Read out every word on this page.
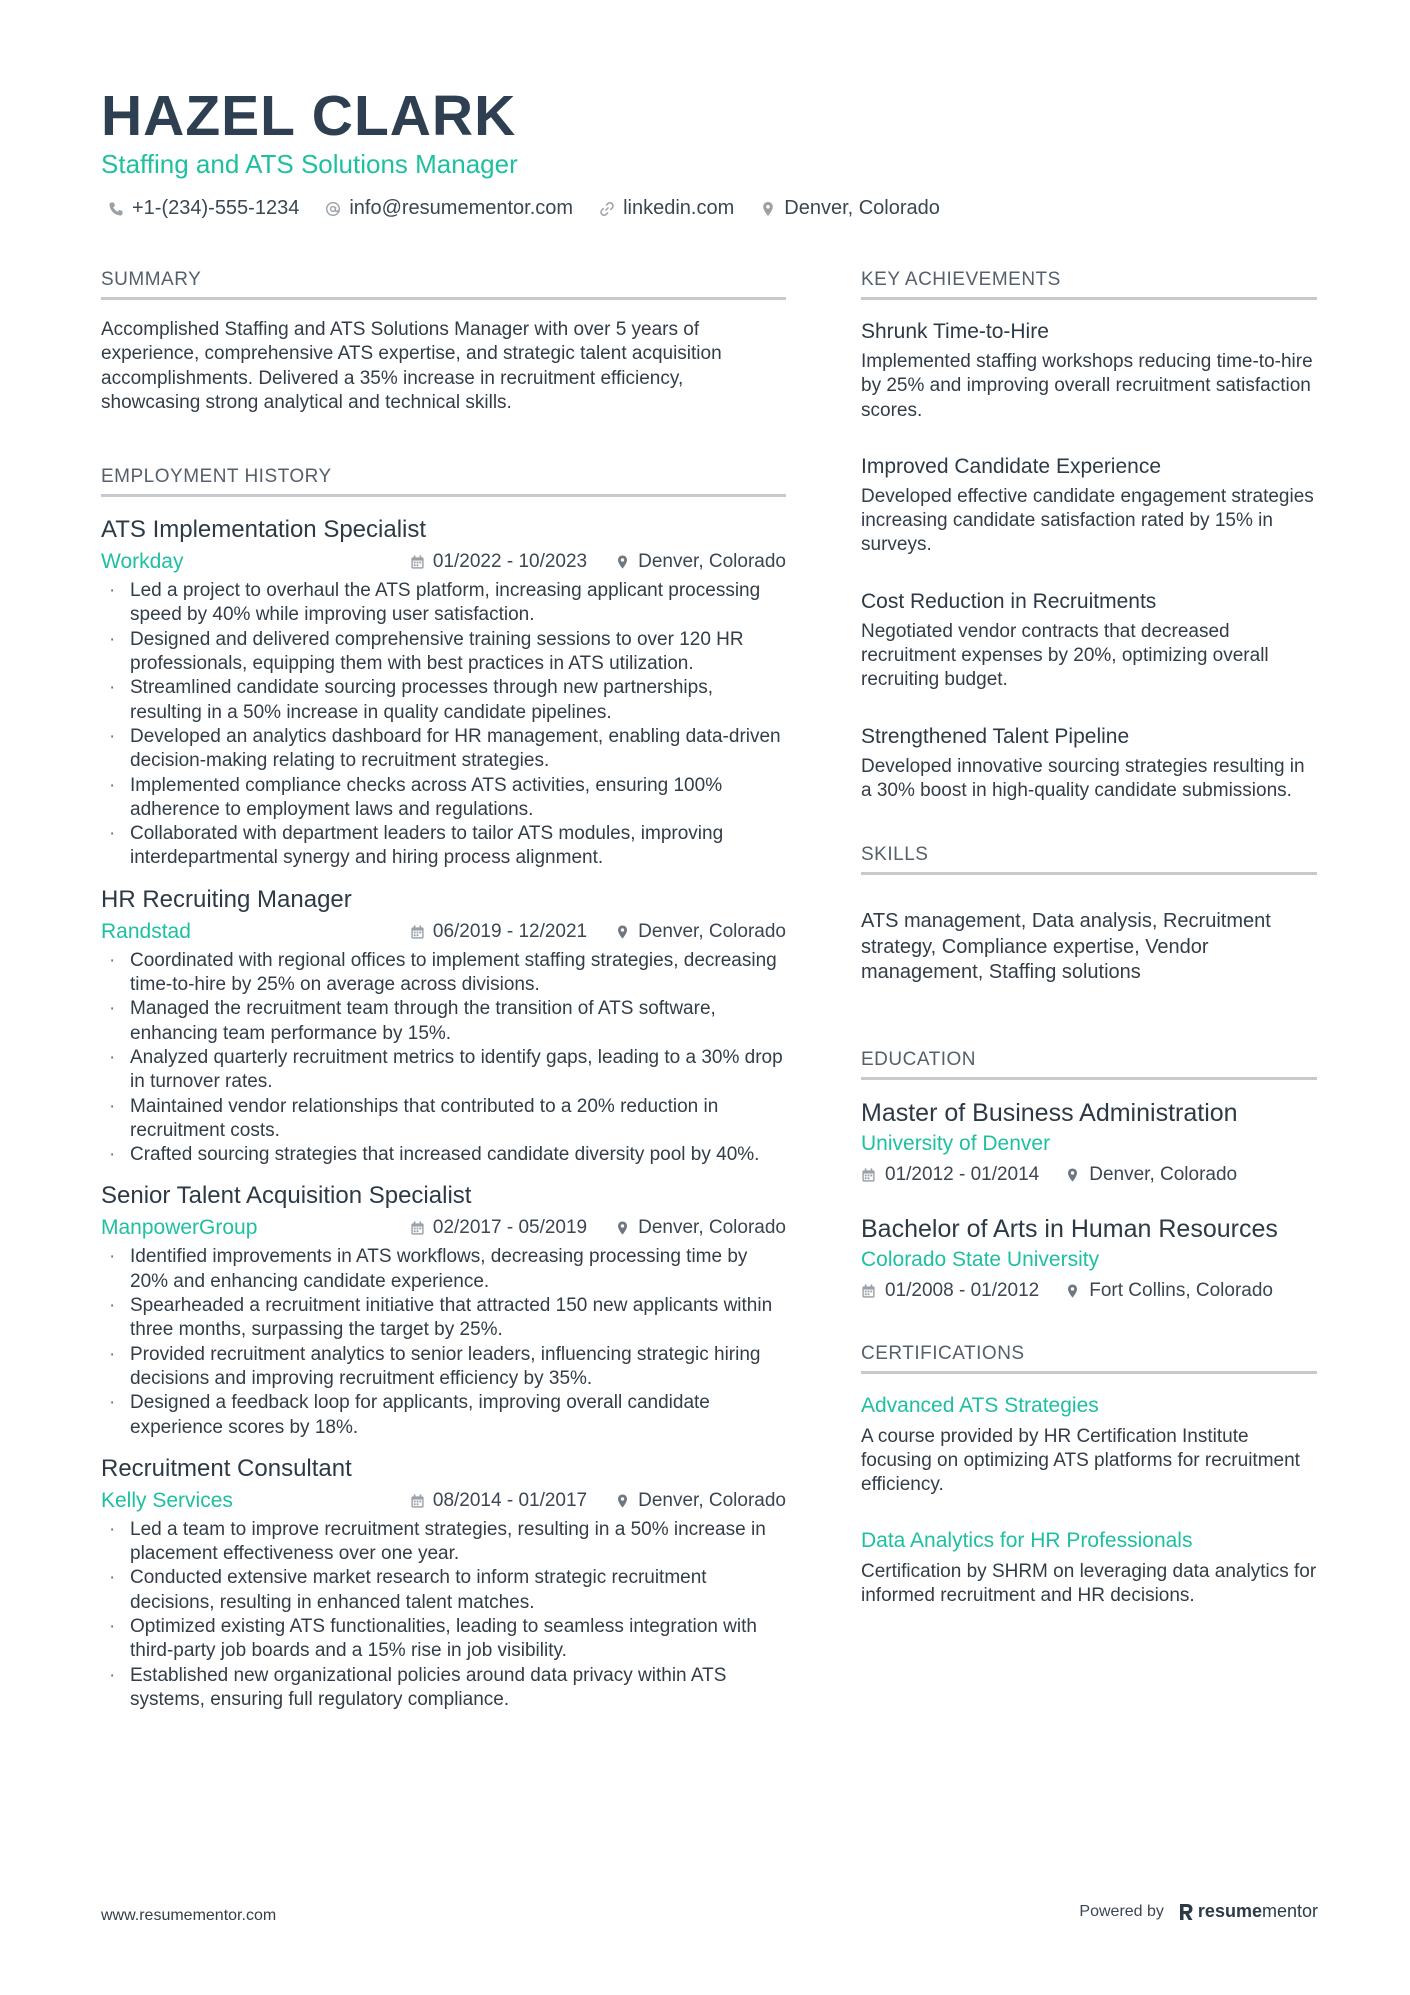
HAZEL CLARK
Staffing and ATS Solutions Manager
+1-(234)-555-1234	info@resumementor.com	linkedin.com	Denver, Colorado
SUMMARY

Accomplished Staffing and ATS Solutions Manager with over 5 years of experience, comprehensive ATS expertise, and strategic talent acquisition accomplishments. Delivered a 35% increase in recruitment efficiency, showcasing strong analytical and technical skills.

EMPLOYMENT HISTORY
ATS Implementation Specialist
Workday	01/2022 - 10/2023	Denver, Colorado
· Led a project to overhaul the ATS platform, increasing applicant processing speed by 40% while improving user satisfaction.
· Designed and delivered comprehensive training sessions to over 120 HR professionals, equipping them with best practices in ATS utilization.
· Streamlined candidate sourcing processes through new partnerships, resulting in a 50% increase in quality candidate pipelines.
· Developed an analytics dashboard for HR management, enabling data-driven decision-making relating to recruitment strategies.
· Implemented compliance checks across ATS activities, ensuring 100% adherence to employment laws and regulations.
· Collaborated with department leaders to tailor ATS modules, improving interdepartmental synergy and hiring process alignment.
HR Recruiting Manager
Randstad	06/2019 - 12/2021	Denver, Colorado
· Coordinated with regional offices to implement staffing strategies, decreasing time-to-hire by 25% on average across divisions.
· Managed the recruitment team through the transition of ATS software, enhancing team performance by 15%.
· Analyzed quarterly recruitment metrics to identify gaps, leading to a 30% drop in turnover rates.
· Maintained vendor relationships that contributed to a 20% reduction in recruitment costs.
· Crafted sourcing strategies that increased candidate diversity pool by 40%.
Senior Talent Acquisition Specialist
ManpowerGroup	02/2017 - 05/2019	Denver, Colorado
· Identified improvements in ATS workflows, decreasing processing time by 20% and enhancing candidate experience.
· Spearheaded a recruitment initiative that attracted 150 new applicants within three months, surpassing the target by 25%.
· Provided recruitment analytics to senior leaders, influencing strategic hiring decisions and improving recruitment efficiency by 35%.
· Designed a feedback loop for applicants, improving overall candidate experience scores by 18%.
Recruitment Consultant
Kelly Services	08/2014 - 01/2017	Denver, Colorado
· Led a team to improve recruitment strategies, resulting in a 50% increase in placement effectiveness over one year.
· Conducted extensive market research to inform strategic recruitment decisions, resulting in enhanced talent matches.
· Optimized existing ATS functionalities, leading to seamless integration with third-party job boards and a 15% rise in job visibility.
· Established new organizational policies around data privacy within ATS systems, ensuring full regulatory compliance.
KEY ACHIEVEMENTS
Shrunk Time-to-Hire
Implemented staffing workshops reducing time-to-hire by 25% and improving overall recruitment satisfaction scores.
Improved Candidate Experience
Developed effective candidate engagement strategies increasing candidate satisfaction rated by 15% in surveys.
Cost Reduction in Recruitments
Negotiated vendor contracts that decreased recruitment expenses by 20%, optimizing overall recruiting budget.
Strengthened Talent Pipeline
Developed innovative sourcing strategies resulting in a 30% boost in high-quality candidate submissions.
SKILLS
ATS management, Data analysis, Recruitment strategy, Compliance expertise, Vendor management, Staffing solutions
EDUCATION
Master of Business Administration
University of Denver
01/2012 - 01/2014	Denver, Colorado
Bachelor of Arts in Human Resources
Colorado State University
01/2008 - 01/2012	Fort Collins, Colorado
CERTIFICATIONS
Advanced ATS Strategies
A course provided by HR Certification Institute focusing on optimizing ATS platforms for recruitment efficiency.
Data Analytics for HR Professionals
Certification by SHRM on leveraging data analytics for informed recruitment and HR decisions.
www.resumementor.com	Powered by resume mentor
